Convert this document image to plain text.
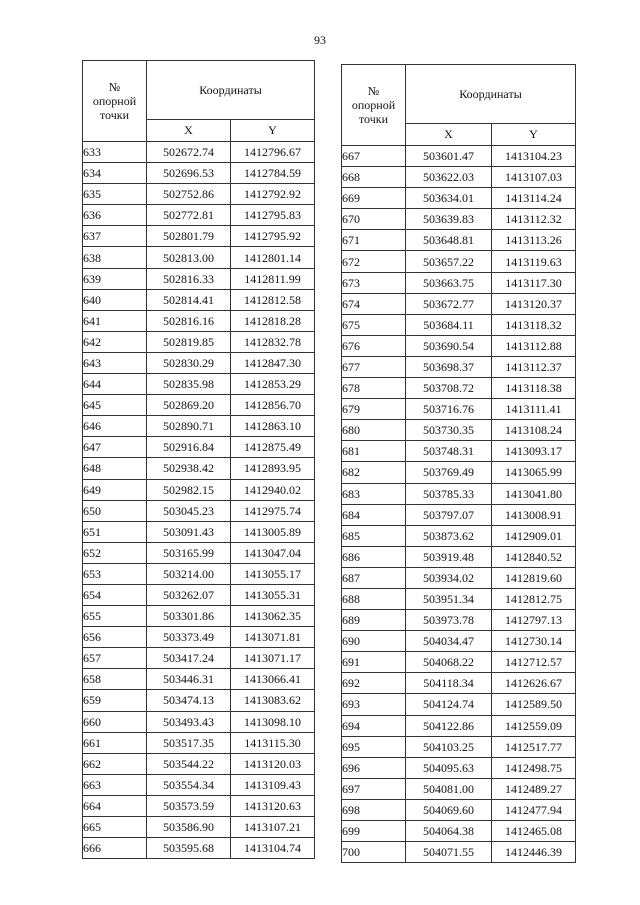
93
№
опорной
точки	Координаты	
	X	Y
633	502672.74	1412796.67
634	502696.53	1412784.59
635	502752.86	1412792.92
636	502772.81	1412795.83
637	502801.79	1412795.92
638	502813.00	1412801.14
639	502816.33	1412811.99
640	502814.41	1412812.58
641	502816.16	1412818.28
642	502819.85	1412832.78
643	502830.29	1412847.30
644	502835.98	1412853.29
645	502869.20	1412856.70
646	502890.71	1412863.10
647	502916.84	1412875.49
648	502938.42	1412893.95
649	502982.15	1412940.02
650	503045.23	1412975.74
651	503091.43	1413005.89
652	503165.99	1413047.04
653	503214.00	1413055.17
654	503262.07	1413055.31
655	503301.86	1413062.35
656	503373.49	1413071.81
657	503417.24	1413071.17
658	503446.31	1413066.41
659	503474.13	1413083.62
660	503493.43	1413098.10
661	503517.35	1413115.30
662	503544.22	1413120.03
663	503554.34	1413109.43
664	503573.59	1413120.63
665	503586.90	1413107.21
666	503595.68	1413104.74
№
опорной
точки	Координаты	
	X	Y
667	503601.47	1413104.23
668	503622.03	1413107.03
669	503634.01	1413114.24
670	503639.83	1413112.32
671	503648.81	1413113.26
672	503657.22	1413119.63
673	503663.75	1413117.30
674	503672.77	1413120.37
675	503684.11	1413118.32
676	503690.54	1413112.88
677	503698.37	1413112.37
678	503708.72	1413118.38
679	503716.76	1413111.41
680	503730.35	1413108.24
681	503748.31	1413093.17
682	503769.49	1413065.99
683	503785.33	1413041.80
684	503797.07	1413008.91
685	503873.62	1412909.01
686	503919.48	1412840.52
687	503934.02	1412819.60
688	503951.34	1412812.75
689	503973.78	1412797.13
690	504034.47	1412730.14
691	504068.22	1412712.57
692	504118.34	1412626.67
693	504124.74	1412589.50
694	504122.86	1412559.09
695	504103.25	1412517.77
696	504095.63	1412498.75
697	504081.00	1412489.27
698	504069.60	1412477.94
699	504064.38	1412465.08
700	504071.55	1412446.39
